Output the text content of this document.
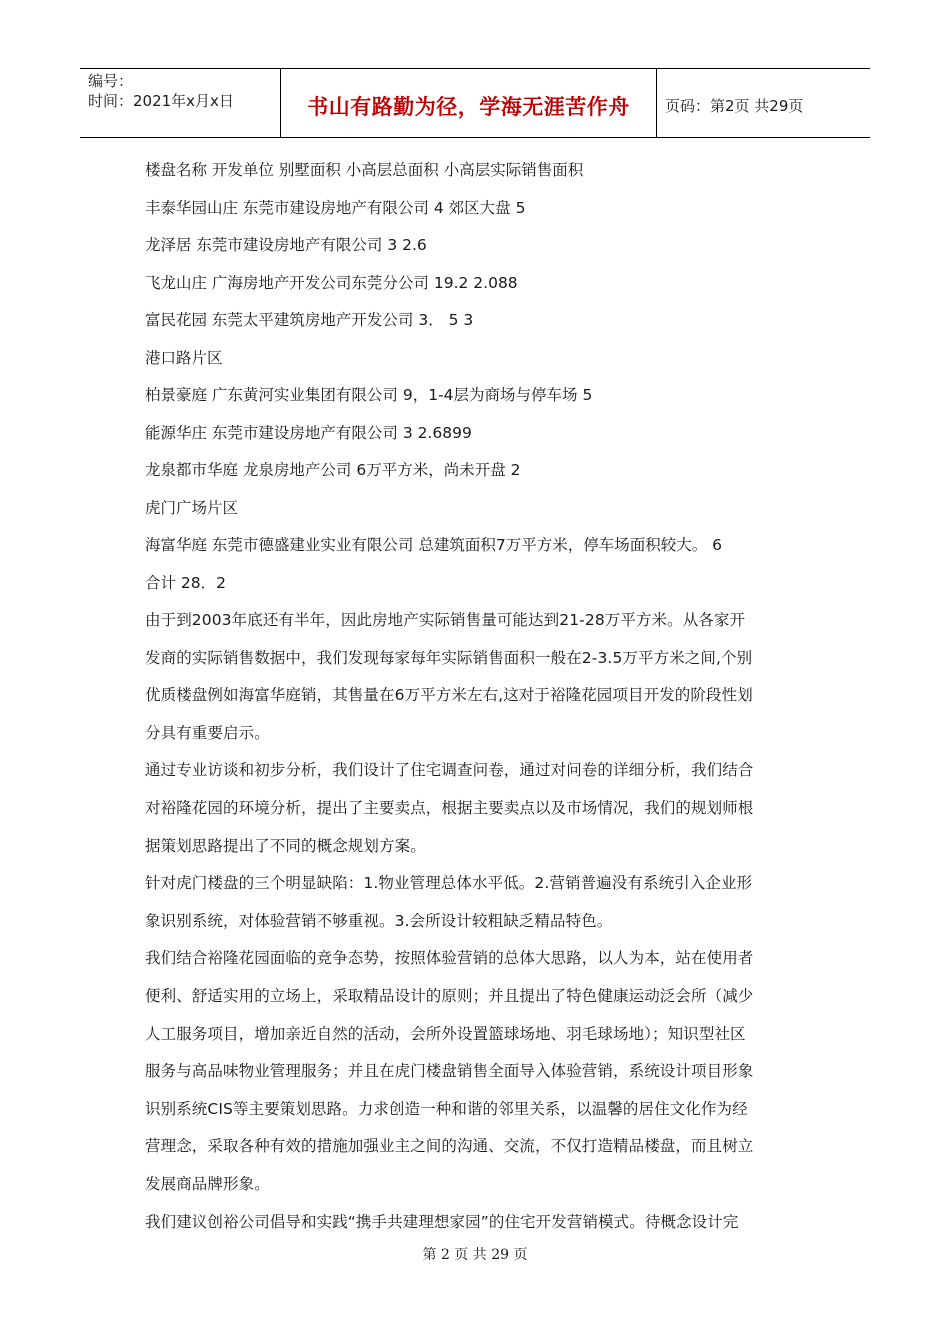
编号：
时间：2021年x月x日	书山有路勤为径，学海无涯苦作舟 页码：第2页 共29页

楼盘名称 开发单位 别墅面积 小高层总面积 小高层实际销售面积

丰泰华园山庄 东莞市建设房地产有限公司 4 郊区大盘 5

龙泽居 东莞市建设房地产有限公司 3 2.6

飞龙山庄 广海房地产开发公司东莞分公司 19.2 2.088

富民花园 东莞太平建筑房地产开发公司 3． 5 3

港口路片区

柏景豪庭 广东黄河实业集团有限公司 9，1-4层为商场与停车场 5

能源华庄 东莞市建设房地产有限公司 3 2.6899

龙泉都市华庭 龙泉房地产公司 6万平方米，尚未开盘 2

虎门广场片区

海富华庭 东莞市德盛建业实业有限公司 总建筑面积7万平方米，停车场面积较大。 6

合计 28．2

由于到2003年底还有半年，因此房地产实际销售量可能达到21-28万平方米。从各家开
发商的实际销售数据中，我们发现每家每年实际销售面积一般在2-3.5万平方米之间,个别
优质楼盘例如海富华庭销，其售量在6万平方米左右,这对于裕隆花园项目开发的阶段性划
分具有重要启示。
通过专业访谈和初步分析，我们设计了住宅调查问卷，通过对问卷的详细分析，我们结合
对裕隆花园的环境分析，提出了主要卖点，根据主要卖点以及市场情况，我们的规划师根
据策划思路提出了不同的概念规划方案。
针对虎门楼盘的三个明显缺陷：1.物业管理总体水平低。2.营销普遍没有系统引入企业形
象识别系统，对体验营销不够重视。3.会所设计较粗缺乏精品特色。
我们结合裕隆花园面临的竞争态势，按照体验营销的总体大思路，以人为本，站在使用者
便利、舒适实用的立场上，采取精品设计的原则；并且提出了特色健康运动泛会所（减少
人工服务项目，增加亲近自然的活动，会所外设置篮球场地、羽毛球场地）；知识型社区
服务与高品味物业管理服务；并且在虎门楼盘销售全面导入体验营销，系统设计项目形象
识别系统CIS等主要策划思路。力求创造一种和谐的邻里关系，以温馨的居住文化作为经
营理念，采取各种有效的措施加强业主之间的沟通、交流，不仅打造精品楼盘，而且树立
发展商品牌形象。
我们建议创裕公司倡导和实践“携手共建理想家园”的住宅开发营销模式。待概念设计完
第 2 页 共 29 页
